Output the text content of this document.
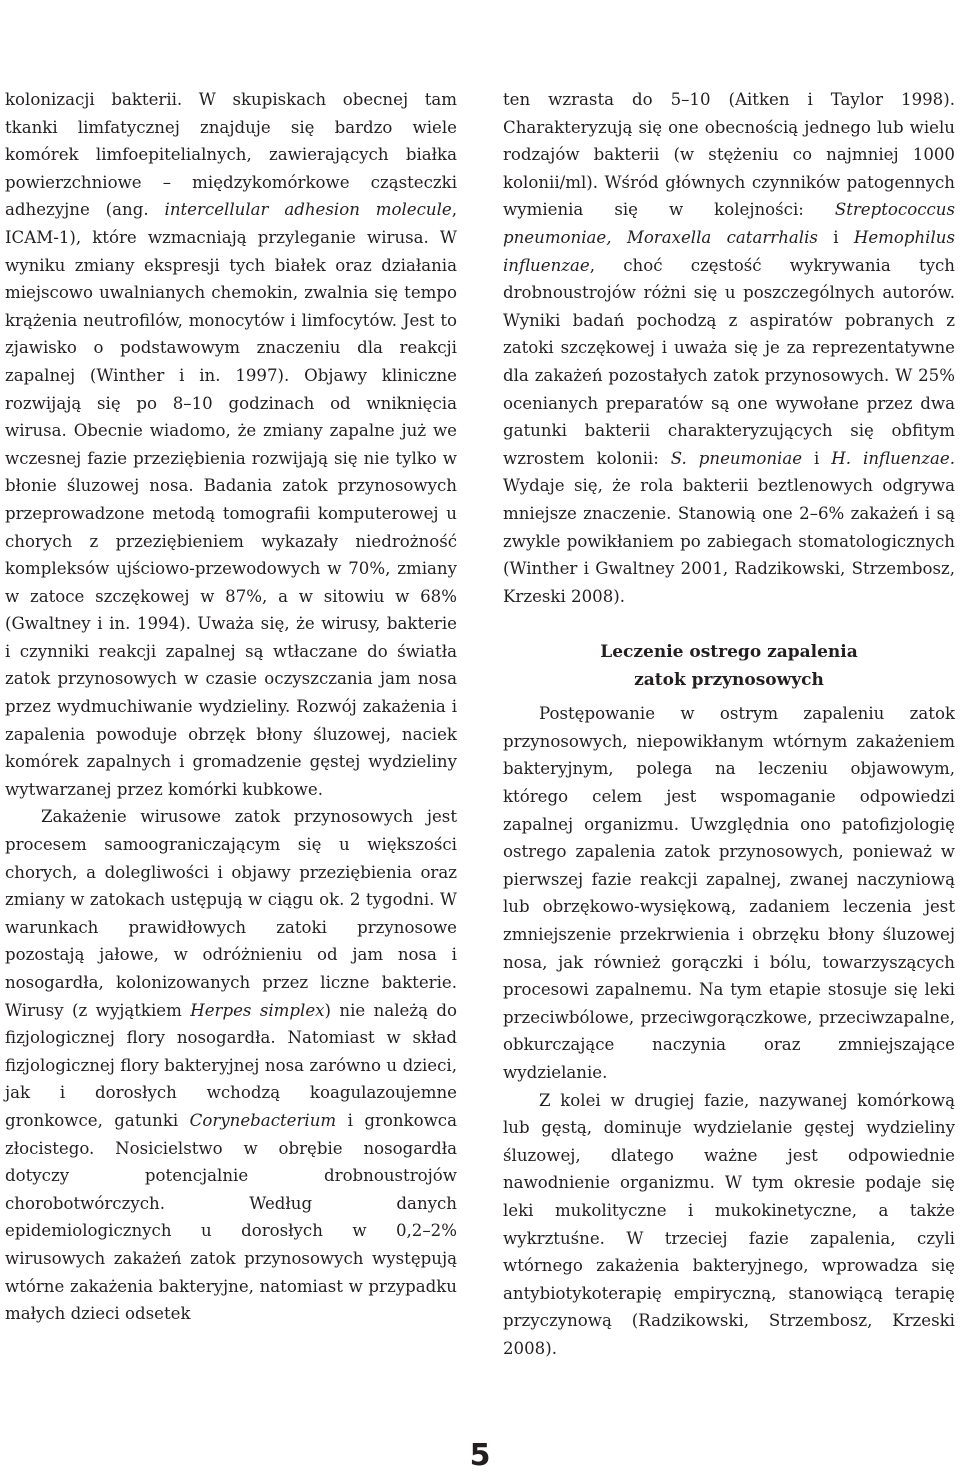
kolonizacji bakterii. W skupiskach obecnej tam tkanki limfatycznej znajduje się bardzo wiele komórek limfoepitelialnych, zawierających białka powierzchniowe – międzykomórkowe cząsteczki adhezyjne (ang. intercellular adhesion molecule, ICAM-1), które wzmacniają przyleganie wirusa. W wyniku zmiany ekspresji tych białek oraz działania miejscowo uwalnianych chemokin, zwalnia się tempo krążenia neutrofilów, monocytów i limfocytów. Jest to zjawisko o podstawowym znaczeniu dla reakcji zapalnej (Winther i in. 1997). Objawy kliniczne rozwijają się po 8–10 godzinach od wniknięcia wirusa. Obecnie wiadomo, że zmiany zapalne już we wczesnej fazie przeziębienia rozwijają się nie tylko w błonie śluzowej nosa. Badania zatok przynosowych przeprowadzone metodą tomografii komputerowej u chorych z przeziębieniem wykazały niedrożność kompleksów ujściowo-przewodowych w 70%, zmiany w zatoce szczękowej w 87%, a w sitowiu w 68% (Gwaltney i in. 1994). Uważa się, że wirusy, bakterie i czynniki reakcji zapalnej są wtłaczane do światła zatok przynosowych w czasie oczyszczania jam nosa przez wydmuchiwanie wydzieliny. Rozwój zakażenia i zapalenia powoduje obrzęk błony śluzowej, naciek komórek zapalnych i gromadzenie gęstej wydzieliny wytwarzanej przez komórki kubkowe.

Zakażenie wirusowe zatok przynosowych jest procesem samoograniczającym się u większości chorych, a dolegliwości i objawy przeziębienia oraz zmiany w zatokach ustępują w ciągu ok. 2 tygodni. W warunkach prawidłowych zatoki przynosowe pozostają jałowe, w odróżnieniu od jam nosa i nosogardła, kolonizowanych przez liczne bakterie. Wirusy (z wyjątkiem Herpes simplex) nie należą do fizjologicznej flory nosogardła. Natomiast w skład fizjologicznej flory bakteryjnej nosa zarówno u dzieci, jak i dorosłych wchodzą koagulazoujemne gronkowce, gatunki Corynebacterium i gronkowca złocistego. Nosicielstwo w obrębie nosogardła dotyczy potencjalnie drobnoustrojów chorobotwórczych. Według danych epidemiologicznych u dorosłych w 0,2–2% wirusowych zakażeń zatok przynosowych występują wtórne zakażenia bakteryjne, natomiast w przypadku małych dzieci odsetek

ten wzrasta do 5–10 (Aitken i Taylor 1998). Charakteryzują się one obecnością jednego lub wielu rodzajów bakterii (w stężeniu co najmniej 1000 kolonii/ml). Wśród głównych czynników patogennych wymienia się w kolejności: Streptococcus pneumoniae, Moraxella catarrhalis i Hemophilus influenzae, choć częstość wykrywania tych drobnoustrojów różni się u poszczególnych autorów. Wyniki badań pochodzą z aspiratów pobranych z zatoki szczękowej i uważa się je za reprezentatywne dla zakażeń pozostałych zatok przynosowych. W 25% ocenianych preparatów są one wywołane przez dwa gatunki bakterii charakteryzujących się obfitym wzrostem kolonii: S. pneumoniae i H. influenzae. Wydaje się, że rola bakterii beztlenowych odgrywa mniejsze znaczenie. Stanowią one 2–6% zakażeń i są zwykle powikłaniem po zabiegach stomatologicznych (Winther i Gwaltney 2001, Radzikowski, Strzembosz, Krzeski 2008).

Leczenie ostrego zapalenia
zatok przynosowych

Postępowanie w ostrym zapaleniu zatok przynosowych, niepowikłanym wtórnym zakażeniem bakteryjnym, polega na leczeniu objawowym, którego celem jest wspomaganie odpowiedzi zapalnej organizmu. Uwzględnia ono patofizjologię ostrego zapalenia zatok przynosowych, ponieważ w pierwszej fazie reakcji zapalnej, zwanej naczyniową lub obrzękowo-wysiękową, zadaniem leczenia jest zmniejszenie przekrwienia i obrzęku błony śluzowej nosa, jak również gorączki i bólu, towarzyszących procesowi zapalnemu. Na tym etapie stosuje się leki przeciwbólowe, przeciwgorączkowe, przeciwzapalne, obkurczające naczynia oraz zmniejszające wydzielanie.

Z kolei w drugiej fazie, nazywanej komórkową lub gęstą, dominuje wydzielanie gęstej wydzieliny śluzowej, dlatego ważne jest odpowiednie nawodnienie organizmu. W tym okresie podaje się leki mukolityczne i mukokinetyczne, a także wykrztuśne. W trzeciej fazie zapalenia, czyli wtórnego zakażenia bakteryjnego, wprowadza się antybiotykoterapię empiryczną, stanowiącą terapię przyczynową (Radzikowski, Strzembosz, Krzeski 2008).

5
